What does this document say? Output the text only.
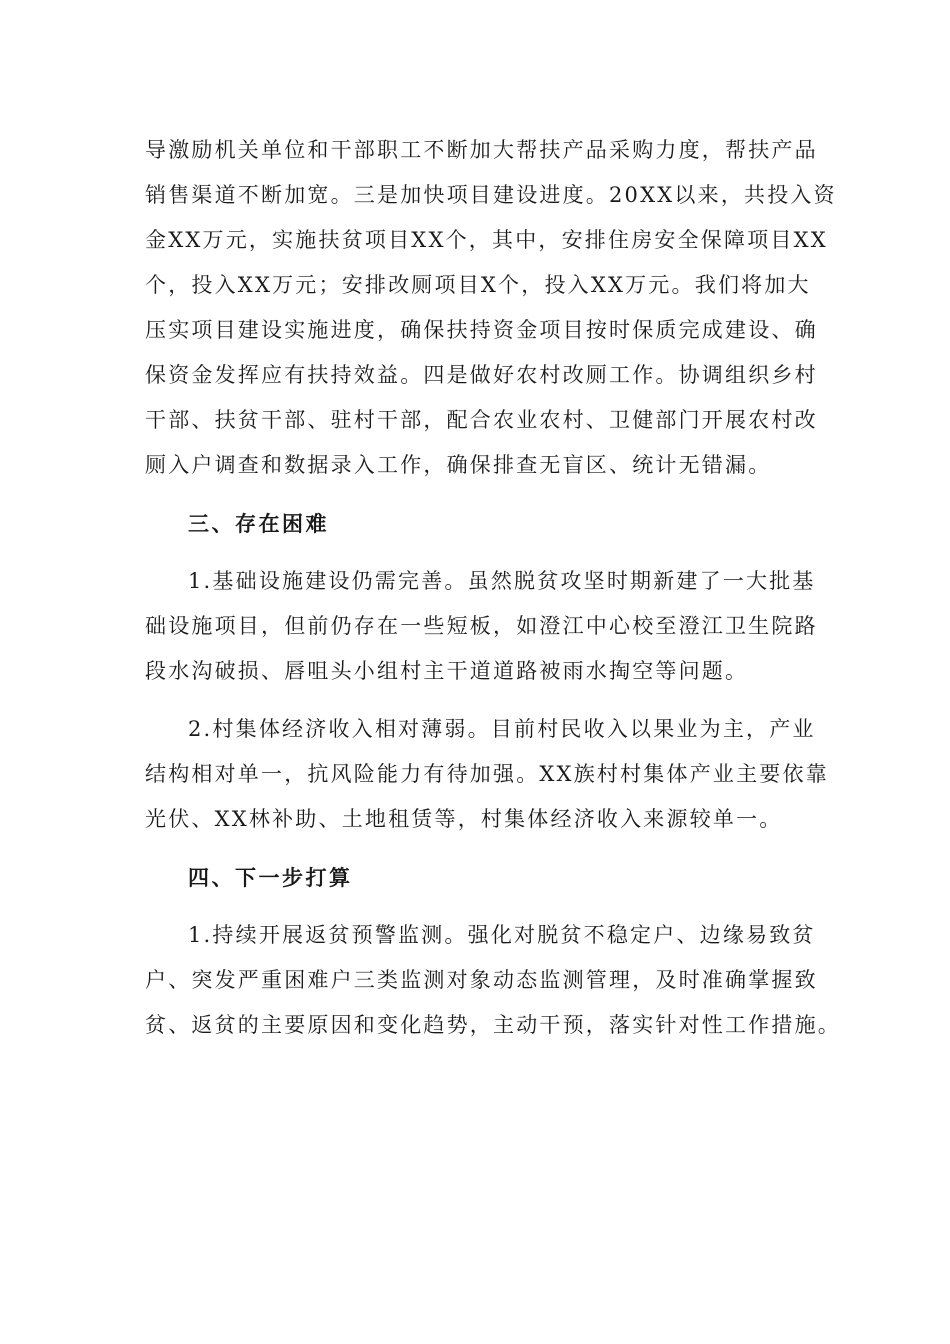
导激励机关单位和干部职工不断加大帮扶产品采购力度，帮扶产品
销售渠道不断加宽。三是加快项目建设进度。20XX以来，共投入资
金XX万元，实施扶贫项目XX个，其中，安排住房安全保障项目XX
个，投入XX万元；安排改厕项目X个，投入XX万元。我们将加大
压实项目建设实施进度，确保扶持资金项目按时保质完成建设、确
保资金发挥应有扶持效益。四是做好农村改厕工作。协调组织乡村
干部、扶贫干部、驻村干部，配合农业农村、卫健部门开展农村改
厕入户调查和数据录入工作，确保排查无盲区、统计无错漏。
三、存在困难
1.基础设施建设仍需完善。虽然脱贫攻坚时期新建了一大批基
础设施项目，但前仍存在一些短板，如澄江中心校至澄江卫生院路
段水沟破损、唇咀头小组村主干道道路被雨水掏空等问题。
2.村集体经济收入相对薄弱。目前村民收入以果业为主，产业
结构相对单一，抗风险能力有待加强。XX族村村集体产业主要依靠
光伏、XX林补助、土地租赁等，村集体经济收入来源较单一。
四、下一步打算
1.持续开展返贫预警监测。强化对脱贫不稳定户、边缘易致贫
户、突发严重困难户三类监测对象动态监测管理，及时准确掌握致
贫、返贫的主要原因和变化趋势，主动干预，落实针对性工作措施。
